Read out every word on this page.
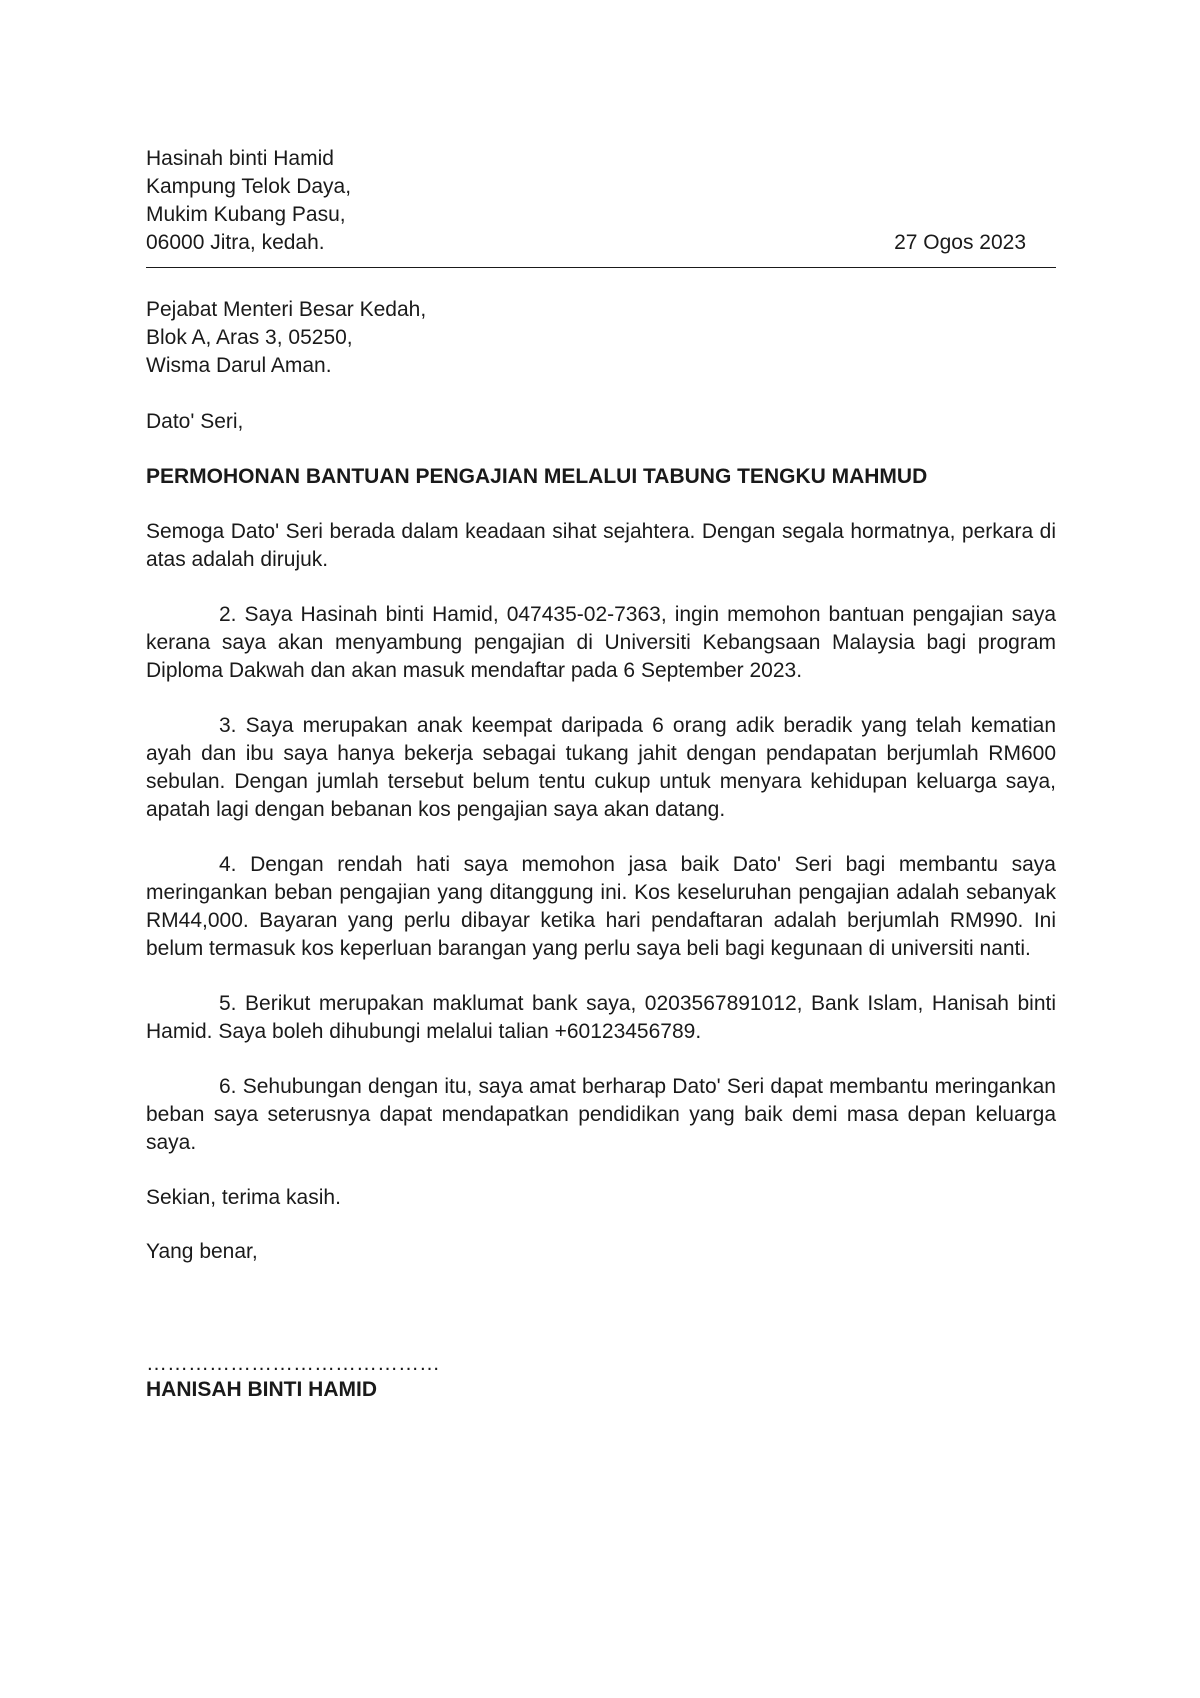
Hasinah binti Hamid
Kampung Telok Daya,
Mukim Kubang Pasu,
06000 Jitra, kedah.	27 Ogos 2023
Pejabat Menteri Besar Kedah,
Blok A, Aras 3, 05250,
Wisma Darul Aman.
Dato' Seri,
PERMOHONAN BANTUAN PENGAJIAN MELALUI TABUNG TENGKU MAHMUD

Semoga Dato' Seri berada dalam keadaan sihat sejahtera. Dengan segala hormatnya, perkara di atas adalah dirujuk.

2. Saya Hasinah binti Hamid, 047435-02-7363, ingin memohon bantuan pengajian saya kerana saya akan menyambung pengajian di Universiti Kebangsaan Malaysia bagi program Diploma Dakwah dan akan masuk mendaftar pada 6 September 2023.

3. Saya merupakan anak keempat daripada 6 orang adik beradik yang telah kematian ayah dan ibu saya hanya bekerja sebagai tukang jahit dengan pendapatan berjumlah RM600 sebulan. Dengan jumlah tersebut belum tentu cukup untuk menyara kehidupan keluarga saya, apatah lagi dengan bebanan kos pengajian saya akan datang.

4. Dengan rendah hati saya memohon jasa baik Dato' Seri bagi membantu saya meringankan beban pengajian yang ditanggung ini. Kos keseluruhan pengajian adalah sebanyak RM44,000. Bayaran yang perlu dibayar ketika hari pendaftaran adalah berjumlah RM990. Ini belum termasuk kos keperluan barangan yang perlu saya beli bagi kegunaan di universiti nanti.

5. Berikut merupakan maklumat bank saya, 0203567891012, Bank Islam, Hanisah binti Hamid. Saya boleh dihubungi melalui talian +60123456789.

6. Sehubungan dengan itu, saya amat berharap Dato' Seri dapat membantu meringankan beban saya seterusnya dapat mendapatkan pendidikan yang baik demi masa depan keluarga saya.

Sekian, terima kasih.
Yang benar,
……………………………………
HANISAH BINTI HAMID
